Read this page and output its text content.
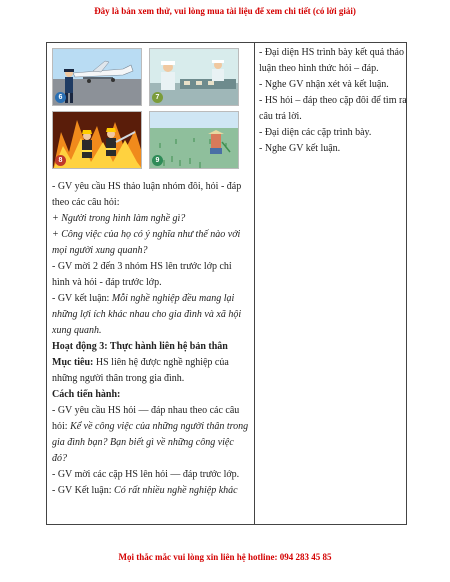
Đây là bản xem thử, vui lòng mua tài liệu để xem chi tiết (có lời giải)
6	7
8	9

- GV yêu cầu HS thảo luận nhóm đôi, hỏi - đáp theo các câu hỏi:

+ Người trong hình làm nghề gì?

+ Công việc của họ có ý nghĩa như thế nào với mọi người xung quanh?

- GV mời 2 đến 3 nhóm HS lên trước lớp chỉ hình và hỏi - đáp trước lớp.

- GV kết luận: Mỗi nghề nghiệp đều mang lại những lợi ích khác nhau cho gia đình và xã hội xung quanh.

Hoạt động 3: Thực hành liên hệ bản thân

Mục tiêu: HS liên hệ được nghề nghiệp của những người thân trong gia đình.

Cách tiến hành:

- GV yêu cầu HS hỏi — đáp nhau theo các câu hỏi: Kể về công việc của những người thân trong gia đình bạn? Bạn biết gì về những công việc đó?

- GV mời các cặp HS lên hỏi — đáp trước lớp.

- GV Kết luận: Có rất nhiều nghề nghiệp khác

- Đại diện HS trình bày kết quả thảo luận theo hình thức hỏi – đáp.

- Nghe GV nhận xét và kết luận.

- HS hỏi – đáp theo cặp đôi để tìm ra câu trả lời.

- Đại diện các cặp trình bày.

- Nghe GV kết luận.

Mọi thắc mắc vui lòng xin liên hệ hotline: 094 283 45 85
